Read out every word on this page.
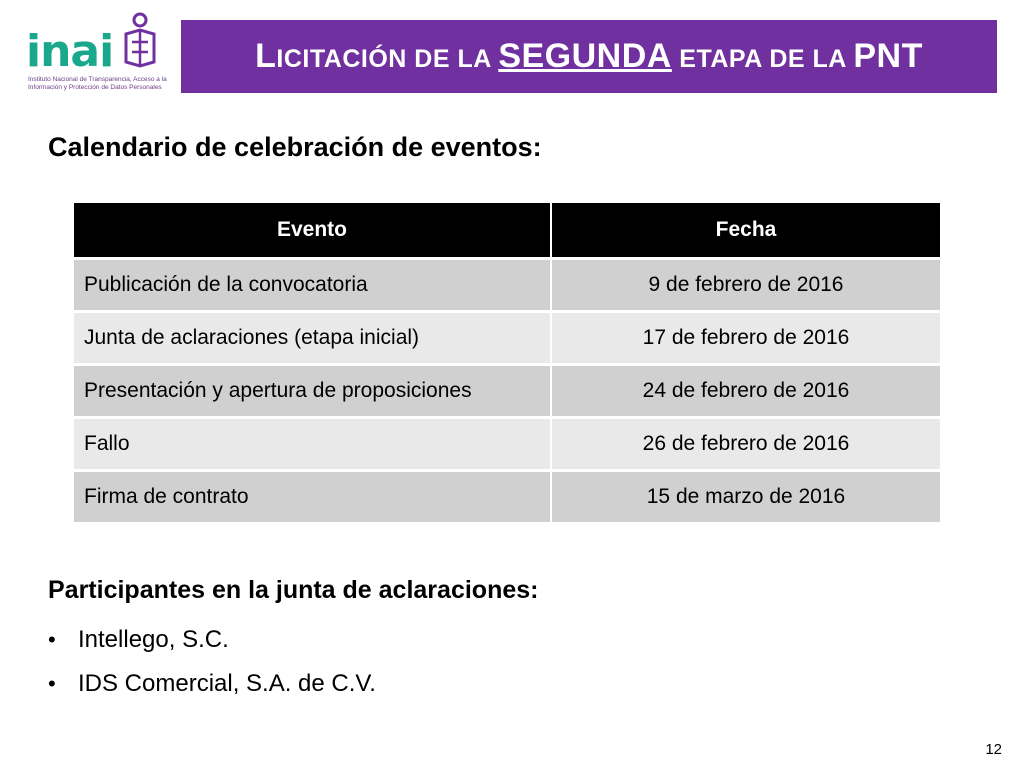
inai
Instituto Nacional de Transparencia, Acceso a la Información y Protección de Datos Personales
LICITACIÓN DE LA SEGUNDA ETAPA DE LA PNT
Calendario de celebración de eventos:
Evento	Fecha
Publicación de la convocatoria	9 de febrero de 2016
Junta de aclaraciones (etapa inicial)	17 de febrero de 2016
Presentación y apertura de proposiciones	24 de febrero de 2016
Fallo	26 de febrero de 2016
Firma de contrato	15 de marzo de 2016
Participantes en la junta de aclaraciones:
• Intellego, S.C.
• IDS Comercial, S.A. de C.V.
12
